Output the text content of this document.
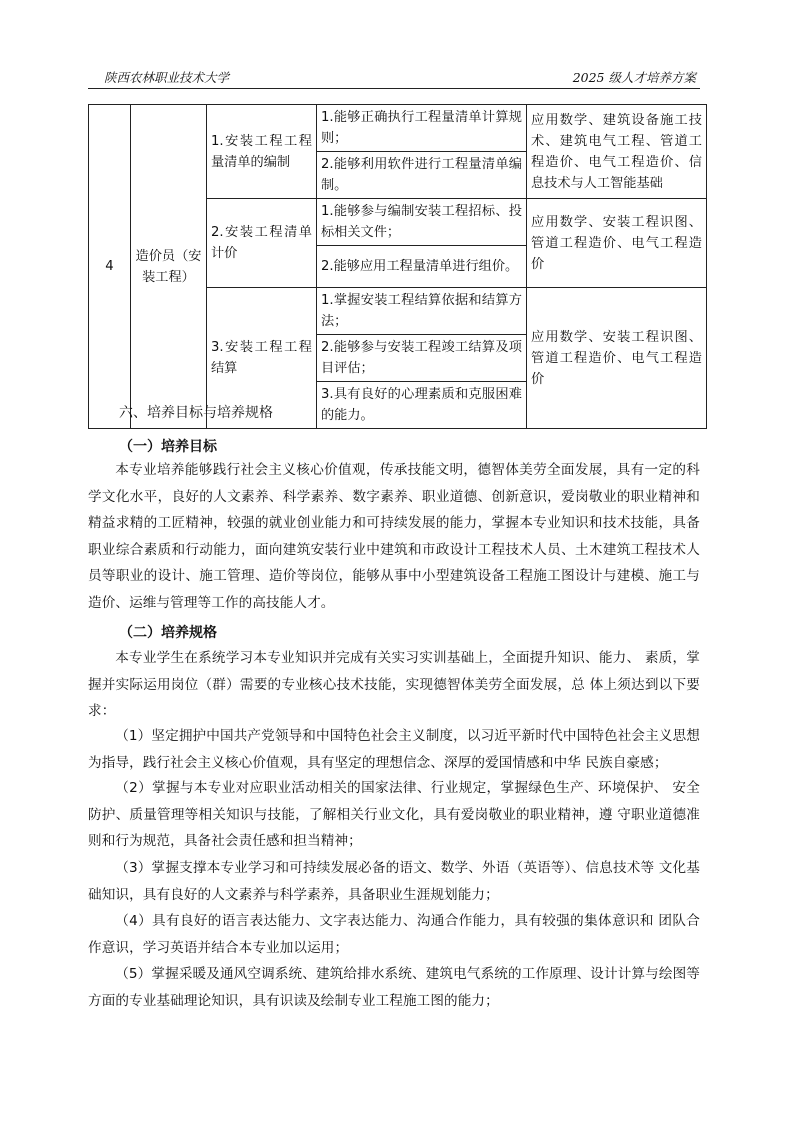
陕西农林职业技术大学	2025 级人才培养方案
4	造价员（安装工程）	1.安装工程工程量清单的编制	1.能够正确执行工程量清单计算规则；	应用数学、建筑设备施工技术、建筑电气工程、管道工程造价、电气工程造价、信息技术与人工智能基础
			2.能够利用软件进行工程量清单编制。	
		2.安装工程清单计价	1.能够参与编制安装工程招标、投标相关文件；	应用数学、安装工程识图、管道工程造价、电气工程造价
			2.能够应用工程量清单进行组价。	
		3.安装工程工程结算	1.掌握安装工程结算依据和结算方法；	应用数学、安装工程识图、管道工程造价、电气工程造价
			2.能够参与安装工程竣工结算及项目评估；	
			3.具有良好的心理素质和克服困难的能力。	
六、培养目标与培养规格
（一）培养目标
本专业培养能够践行社会主义核心价值观，传承技能文明，德智体美劳全面发展，具有一定的科学文化水平，良好的人文素养、科学素养、数字素养、职业道德、创新意识，爱岗敬业的职业精神和精益求精的工匠精神，较强的就业创业能力和可持续发展的能力，掌握本专业知识和技术技能，具备职业综合素质和行动能力，面向建筑安装行业中建筑和市政设计工程技术人员、土木建筑工程技术人员等职业的设计、施工管理、造价等岗位，能够从事中小型建筑设备工程施工图设计与建模、施工与造价、运维与管理等工作的高技能人才。
（二）培养规格
本专业学生在系统学习本专业知识并完成有关实习实训基础上，全面提升知识、能力、 素质，掌握并实际运用岗位（群）需要的专业核心技术技能，实现德智体美劳全面发展，总 体上须达到以下要求：
（1）坚定拥护中国共产党领导和中国特色社会主义制度，以习近平新时代中国特色社会主义思想为指导，践行社会主义核心价值观，具有坚定的理想信念、深厚的爱国情感和中华 民族自豪感；
（2）掌握与本专业对应职业活动相关的国家法律、行业规定，掌握绿色生产、环境保护、 安全防护、质量管理等相关知识与技能，了解相关行业文化，具有爱岗敬业的职业精神，遵 守职业道德准则和行为规范，具备社会责任感和担当精神；
（3）掌握支撑本专业学习和可持续发展必备的语文、数学、外语（英语等）、信息技术等 文化基础知识，具有良好的人文素养与科学素养，具备职业生涯规划能力；
（4）具有良好的语言表达能力、文字表达能力、沟通合作能力，具有较强的集体意识和 团队合作意识，学习英语并结合本专业加以运用；
（5）掌握采暖及通风空调系统、建筑给排水系统、建筑电气系统的工作原理、设计计算与绘图等方面的专业基础理论知识，具有识读及绘制专业工程施工图的能力；
